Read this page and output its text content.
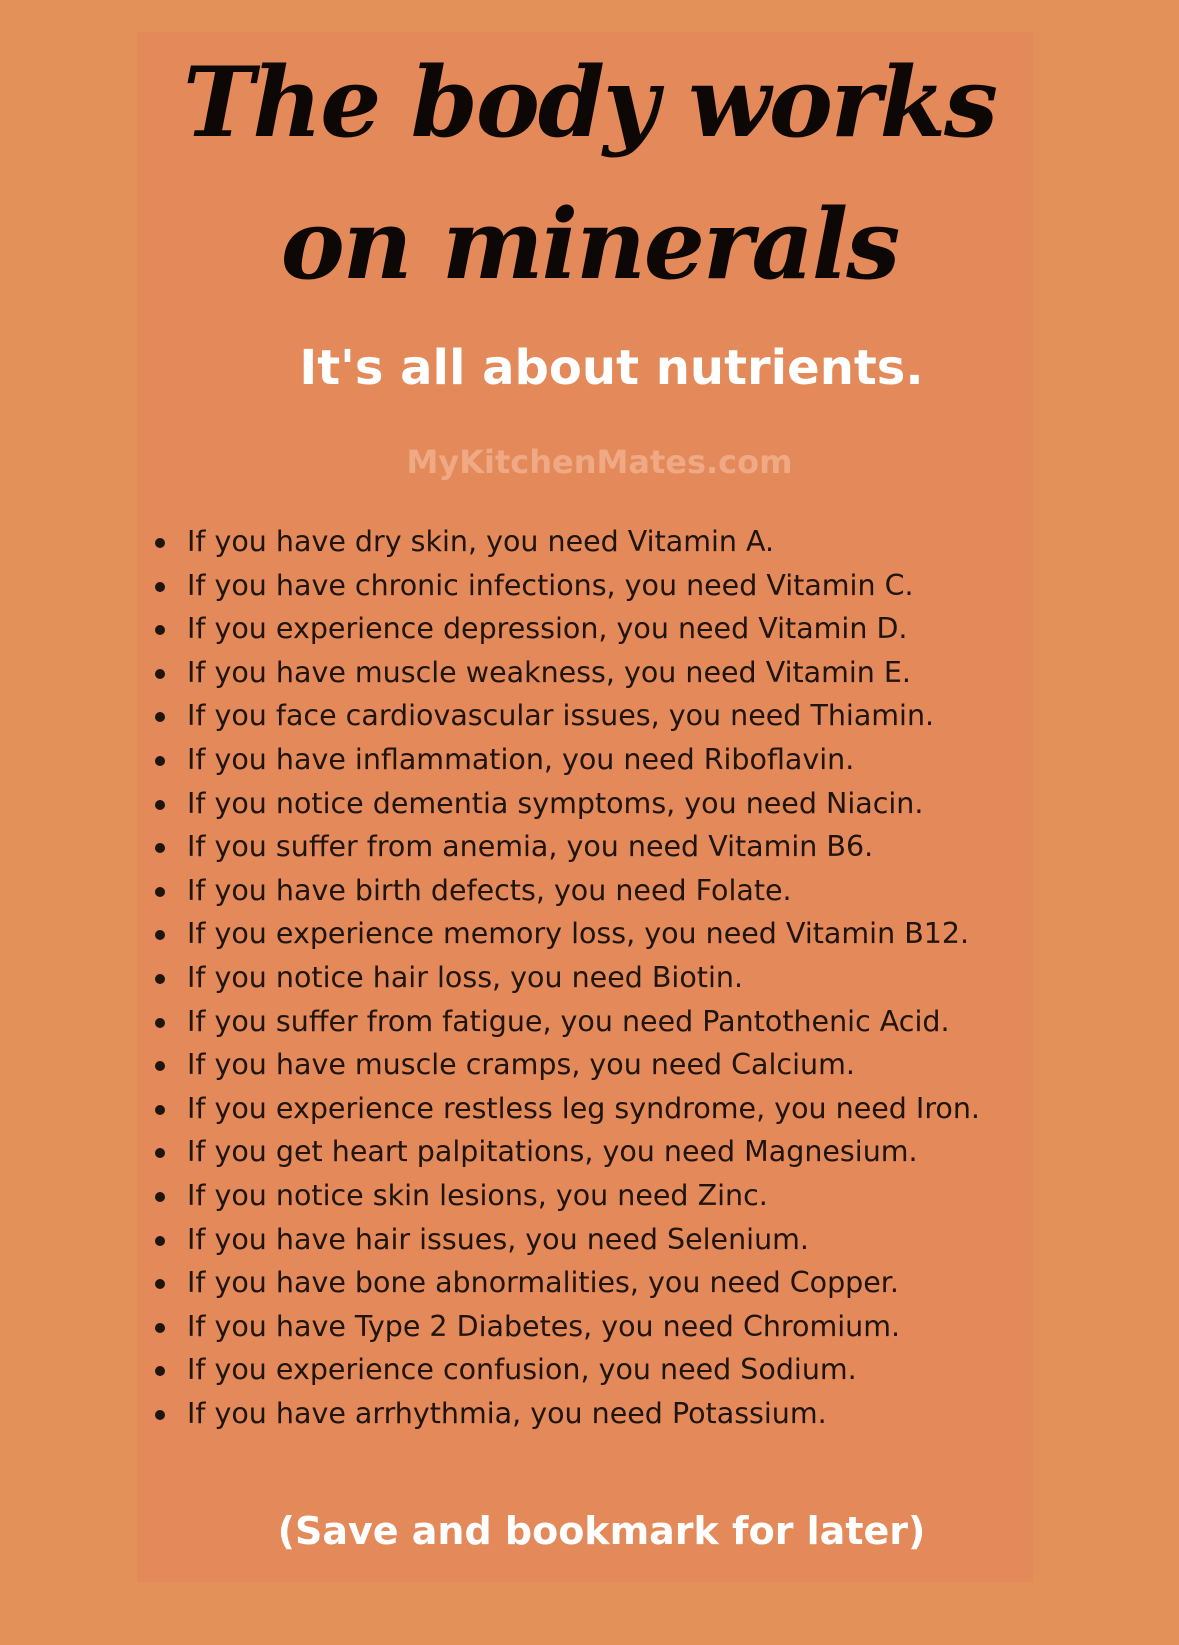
The body works
on minerals
It's all about nutrients.
MyKitchenMates.com
If you have dry skin, you need Vitamin A.
If you have chronic infections, you need Vitamin C.
If you experience depression, you need Vitamin D.
If you have muscle weakness, you need Vitamin E.
If you face cardiovascular issues, you need Thiamin.
If you have inflammation, you need Riboflavin.
If you notice dementia symptoms, you need Niacin.
If you suffer from anemia, you need Vitamin B6.
If you have birth defects, you need Folate.
If you experience memory loss, you need Vitamin B12.
If you notice hair loss, you need Biotin.
If you suffer from fatigue, you need Pantothenic Acid.
If you have muscle cramps, you need Calcium.
If you experience restless leg syndrome, you need Iron.
If you get heart palpitations, you need Magnesium.
If you notice skin lesions, you need Zinc.
If you have hair issues, you need Selenium.
If you have bone abnormalities, you need Copper.
If you have Type 2 Diabetes, you need Chromium.
If you experience confusion, you need Sodium.
If you have arrhythmia, you need Potassium.
(Save and bookmark for later)
